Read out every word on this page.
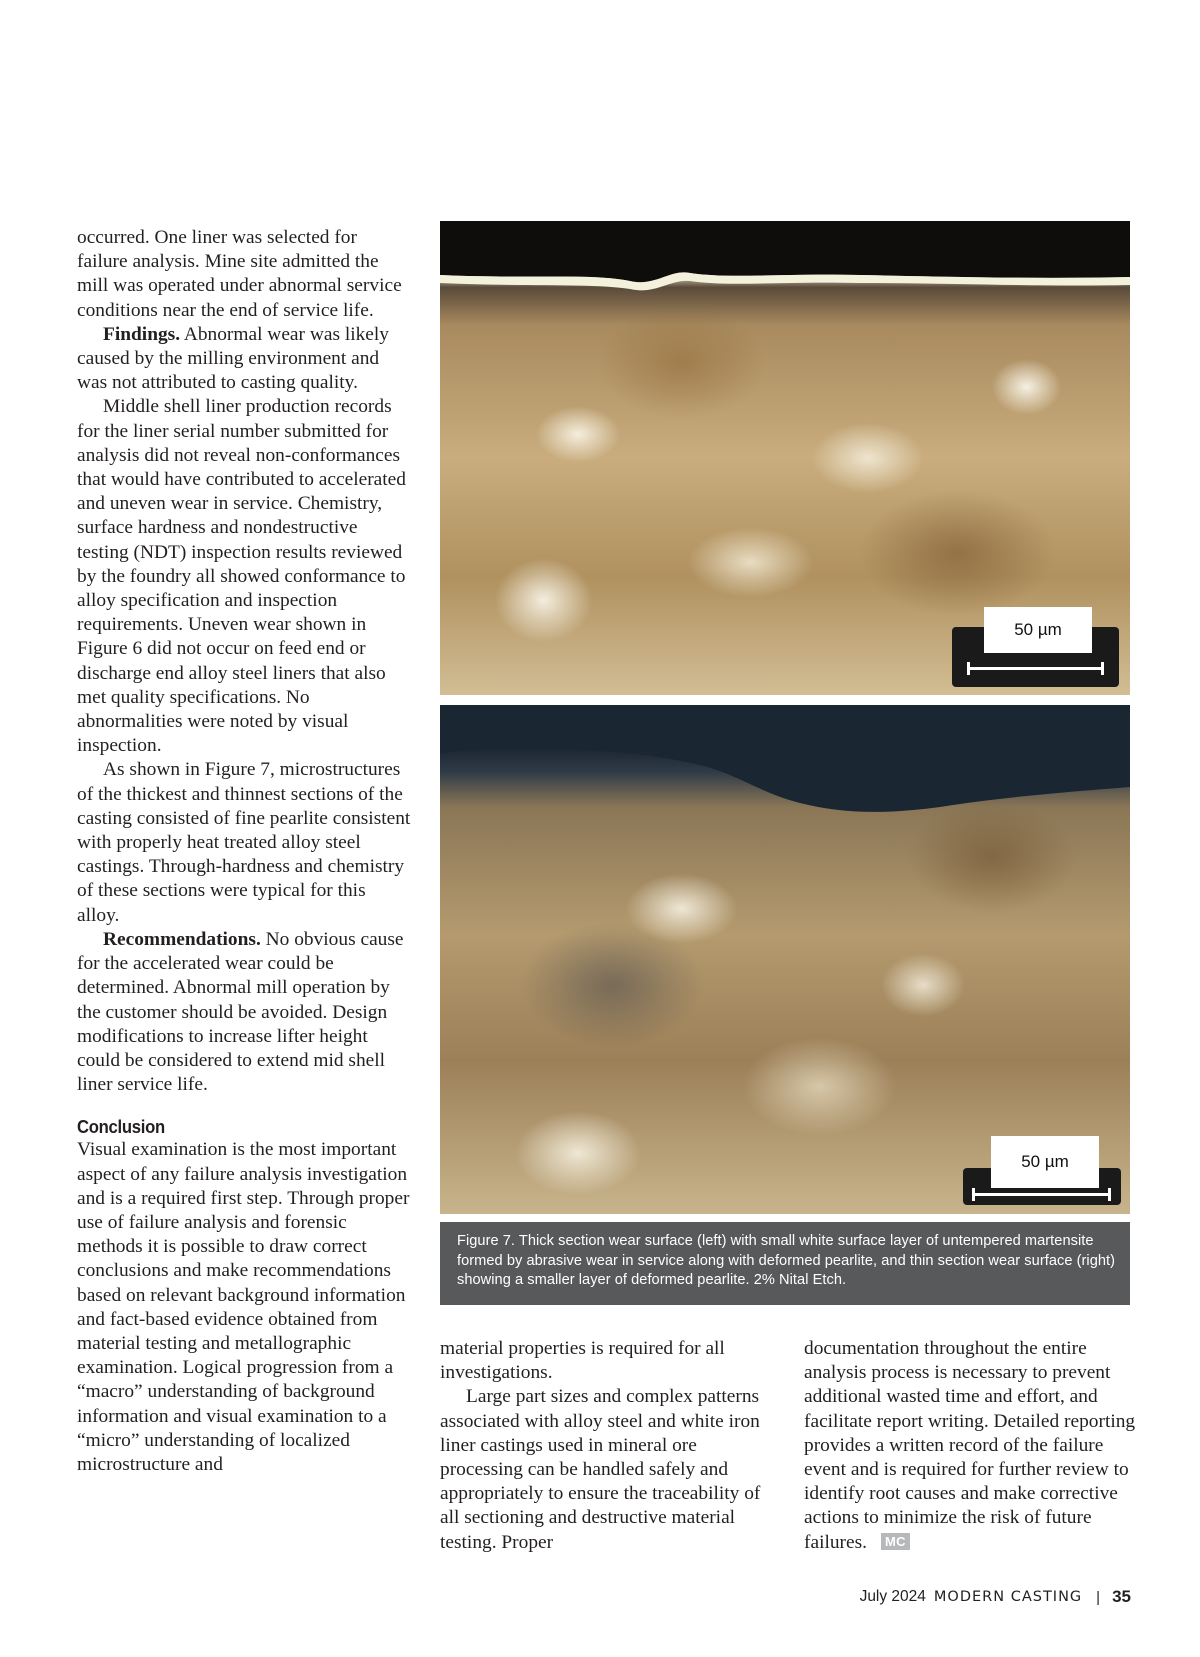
occurred. One liner was selected for failure analysis. Mine site admitted the mill was operated under abnormal service conditions near the end of service life.

Findings. Abnormal wear was likely caused by the milling environment and was not attributed to casting quality.

Middle shell liner production records for the liner serial number submitted for analysis did not reveal non-conformances that would have contributed to accelerated and uneven wear in service. Chemistry, surface hardness and nondestructive testing (NDT) inspection results reviewed by the foundry all showed conformance to alloy specification and inspection requirements. Uneven wear shown in Figure 6 did not occur on feed end or discharge end alloy steel liners that also met quality specifications. No abnormalities were noted by visual inspection.

As shown in Figure 7, microstructures of the thickest and thinnest sections of the casting consisted of fine pearlite consistent with properly heat treated alloy steel castings. Through-hardness and chemistry of these sections were typical for this alloy.

Recommendations. No obvious cause for the accelerated wear could be determined. Abnormal mill operation by the customer should be avoided. Design modifications to increase lifter height could be considered to extend mid shell liner service life.

Conclusion

Visual examination is the most important aspect of any failure analysis investigation and is a required first step. Through proper use of failure analysis and forensic methods it is possible to draw correct conclusions and make recommendations based on relevant background information and fact-based evidence obtained from material testing and metallographic examination. Logical progression from a “macro” understanding of background information and visual examination to a “micro” understanding of localized microstructure and

50 µm
50 µm
Figure 7. Thick section wear surface (left) with small white surface layer of untempered martensite formed by abrasive wear in service along with deformed pearlite, and thin section wear surface (right) showing a smaller layer of deformed pearlite. 2% Nital Etch.

material properties is required for all investigations.

Large part sizes and complex patterns associated with alloy steel and white iron liner castings used in mineral ore processing can be handled safely and appropriately to ensure the traceability of all sectioning and destructive material testing. Proper

documentation throughout the entire analysis process is necessary to prevent additional wasted time and effort, and facilitate report writing. Detailed reporting provides a written record of the failure event and is required for further review to identify root causes and make corrective actions to minimize the risk of future failures. MC

July 2024 MODERN CASTING | 35
